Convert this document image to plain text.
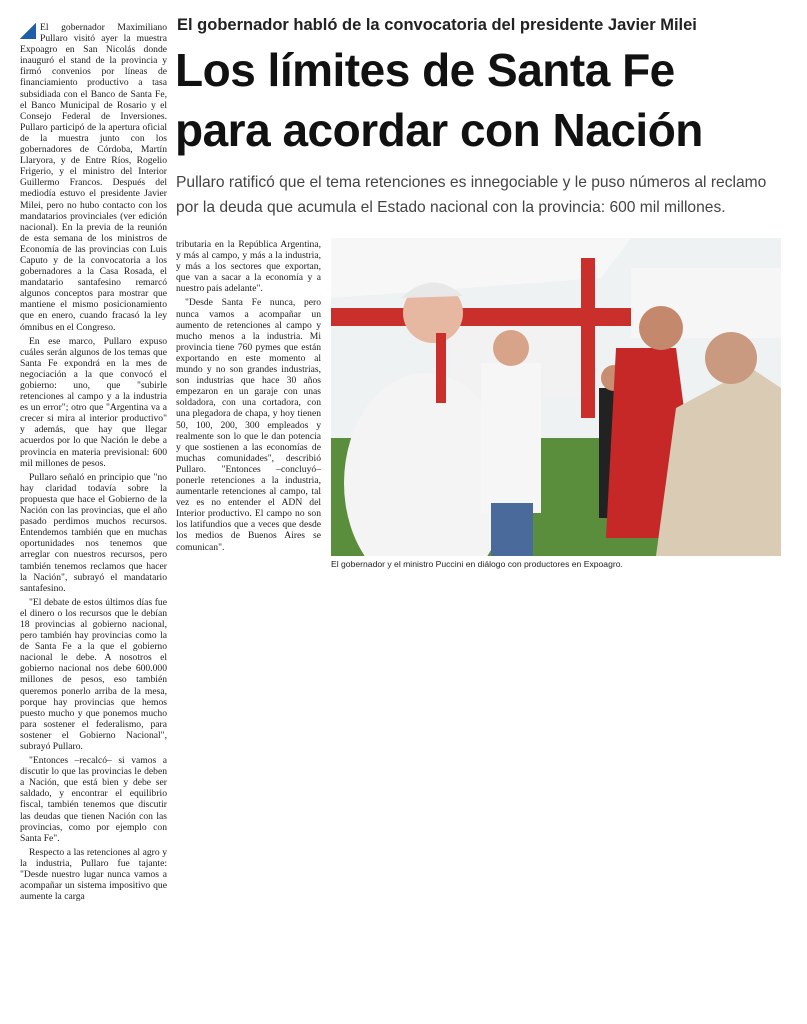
El gobernador Maximiliano Pullaro visitó ayer la muestra Expoagro en San Nicolás donde inauguró el stand de la provincia y firmó convenios por líneas de financiamiento productivo a tasa subsidiada con el Banco de Santa Fe, el Banco Municipal de Rosario y el Consejo Federal de Inversiones. Pullaro participó de la apertura oficial de la muestra junto con los gobernadores de Córdoba, Martín Llaryora, y de Entre Ríos, Rogelio Frigerio, y el ministro del Interior Guillermo Francos. Después del mediodía estuvo el presidente Javier Milei, pero no hubo contacto con los mandatarios provinciales (ver edición nacional). En la previa de la reunión de esta semana de los ministros de Economía de las provincias con Luis Caputo y de la convocatoria a los gobernadores a la Casa Rosada, el mandatario santafesino remarcó algunos conceptos para mostrar que mantiene el mismo posicionamiento que en enero, cuando fracasó la ley ómnibus en el Congreso.

En ese marco, Pullaro expuso cuáles serán algunos de los temas que Santa Fe expondrá en la mes de negociación a la que convocó el gobierno: uno, que "subirle retenciones al campo y a la industria es un error"; otro que "Argentina va a crecer si mira al interior productivo" y además, que hay que llegar acuerdos por lo que Nación le debe a provincia en materia previsional: 600 mil millones de pesos.

Pullaro señaló en principio que "no hay claridad todavía sobre la propuesta que hace el Gobierno de la Nación con las provincias, que el año pasado perdimos muchos recursos. Entendemos también que en muchas oportunidades nos tenemos que arreglar con nuestros recursos, pero también tenemos reclamos que hacer la Nación", subrayó el mandatario santafesino.

"El debate de estos últimos días fue el dinero o los recursos que le debían 18 provincias al gobierno nacional, pero también hay provincias como la de Santa Fe a la que el gobierno nacional le debe. A nosotros el gobierno nacional nos debe 600.000 millones de pesos, eso también queremos ponerlo arriba de la mesa, porque hay provincias que hemos puesto mucho y que ponemos mucho para sostener el federalismo, para sostener el Gobierno Nacional", subrayó Pullaro.

"Entonces –recalcó– si vamos a discutir lo que las provincias le deben a Nación, que está bien y debe ser saldado, y encontrar el equilibrio fiscal, también tenemos que discutir las deudas que tienen Nación con las provincias, como por ejemplo con Santa Fe".

Respecto a las retenciones al agro y la industria, Pullaro fue tajante: "Desde nuestro lugar nunca vamos a acompañar un sistema impositivo que aumente la carga

El gobernador habló de la convocatoria del presidente Javier Milei
Los límites de Santa Fe
para acordar con Nación

Pullaro ratificó que el tema retenciones es innegociable y le puso números al reclamo por la deuda que acumula el Estado nacional con la provincia: 600 mil millones.

tributaria en la República Argentina, y más al campo, y más a la industria, y más a los sectores que exportan, que van a sacar a la economía y a nuestro país adelante".

"Desde Santa Fe nunca, pero nunca vamos a acompañar un aumento de retenciones al campo y mucho menos a la industria. Mi provincia tiene 760 pymes que están exportando en este momento al mundo y no son grandes industrias, son industrias que hace 30 años empezaron en un garaje con unas soldadora, con una cortadora, con una plegadora de chapa, y hoy tienen 50, 100, 200, 300 empleados y realmente son lo que le dan potencia y que sostienen a las economías de muchas comunidades", describió Pullaro. "Entonces –concluyó– ponerle retenciones a la industria, aumentarle retenciones al campo, tal vez es no entender el ADN del Interior productivo. El campo no son los latifundios que a veces que desde los medios de Buenos Aires se comunican".

El gobernador y el ministro Puccini en diálogo con productores en Expoagro.
